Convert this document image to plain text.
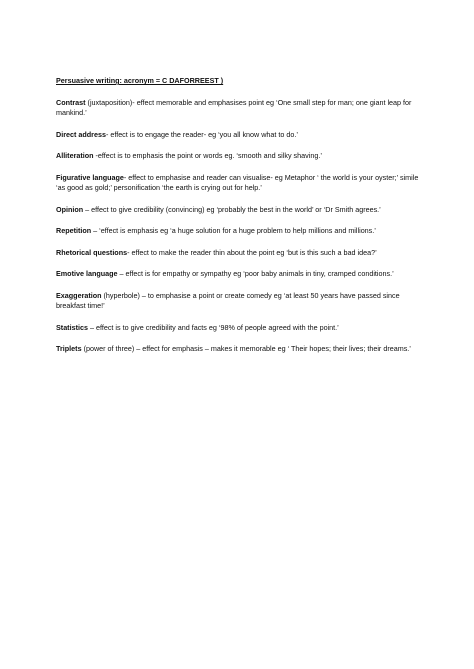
Persuasive writing: acronym = C DAFORREEST )
Contrast (juxtaposition)- effect memorable and emphasises point eg ‘One small step for man; one giant leap for mankind.’
Direct address- effect is to engage the reader- eg ‘you all know what to do.’
Alliteration -effect is to emphasis the point or words eg. ‘smooth and silky shaving.’
Figurative language- effect to emphasise and reader can visualise- eg Metaphor ‘ the world is your oyster;’ simile ‘as good as gold;’ personification ‘the earth is crying out for help.’
Opinion – effect to give credibility (convincing) eg ‘probably the best in the world’ or ‘Dr Smith agrees.’
Repetition – ‘effect is emphasis eg ‘a huge solution for a huge problem to help millions and millions.’
Rhetorical questions- effect to make the reader thin about the point eg ‘but is this such a bad idea?’
Emotive language – effect is for empathy or sympathy eg ‘poor baby animals in tiny, cramped conditions.’
Exaggeration (hyperbole) – to emphasise a point or create comedy eg ‘at least 50 years have passed since breakfast time!’
Statistics – effect is to give credibility and facts eg ‘98% of people agreed with the point.’
Triplets (power of three) – effect for emphasis – makes it memorable eg ‘ Their hopes; their lives; their dreams.’
